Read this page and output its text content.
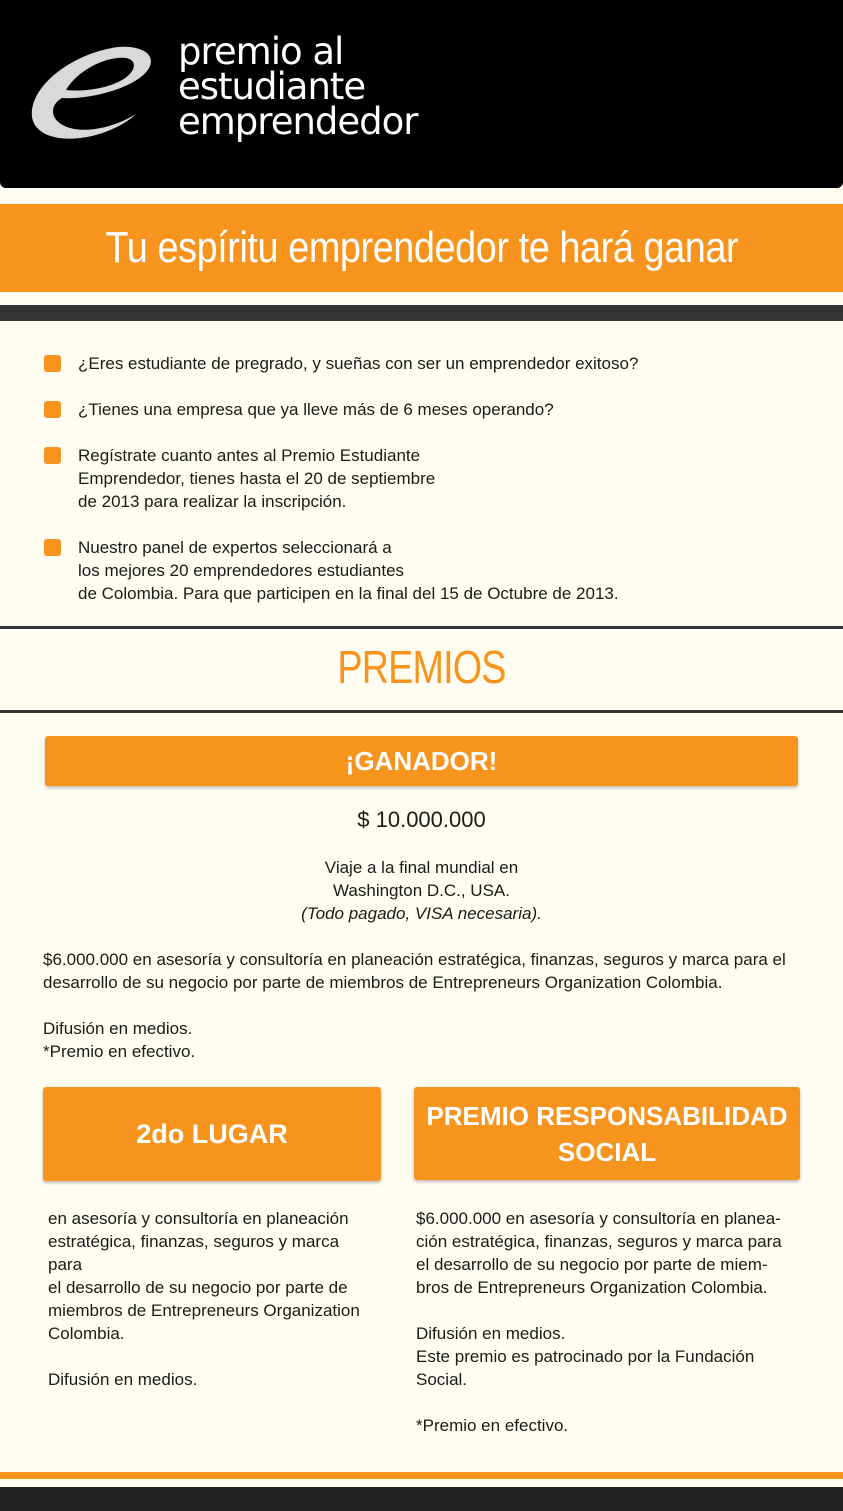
premio al
estudiante
emprendedor
Tu espíritu emprendedor te hará ganar
¿Eres estudiante de pregrado, y sueñas con ser un emprendedor exitoso?
¿Tienes una empresa que ya lleve más de 6 meses operando?
Regístrate cuanto antes al Premio Estudiante
Emprendedor, tienes hasta el 20 de septiembre
de 2013 para realizar la inscripción.
Nuestro panel de expertos seleccionará a
los mejores 20 emprendedores estudiantes
de Colombia. Para que participen en la final del 15 de Octubre de 2013.
PREMIOS
¡GANADOR!
$ 10.000.000
Viaje a la final mundial en
Washington D.C., USA.
(Todo pagado, VISA necesaria).
$6.000.000 en asesoría y consultoría en planeación estratégica, finanzas, seguros y marca para el
desarrollo de su negocio por parte de miembros de Entrepreneurs Organization Colombia.
Difusión en medios.
*Premio en efectivo.
2do LUGAR
en asesoría y consultoría en planeación
estratégica, finanzas, seguros y marca
para
el desarrollo de su negocio por parte de
miembros de Entrepreneurs Organization
Colombia.
Difusión en medios.
PREMIO RESPONSABILIDAD
SOCIAL
$6.000.000 en asesoría y consultoría en planea-
ción estratégica, finanzas, seguros y marca para
el desarrollo de su negocio por parte de miem-
bros de Entrepreneurs Organization Colombia.
Difusión en medios.
Este premio es patrocinado por la Fundación
Social.
*Premio en efectivo.
